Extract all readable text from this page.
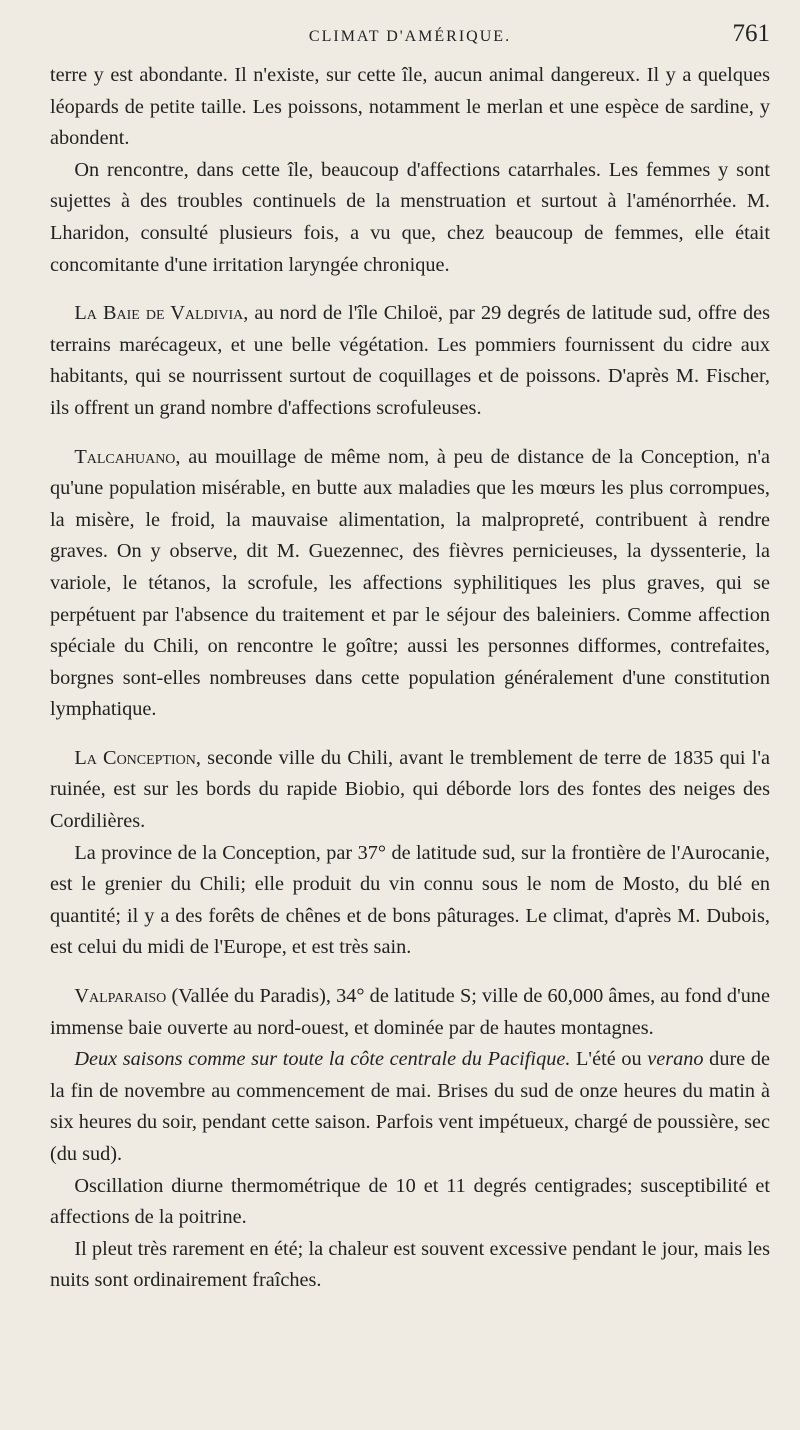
CLIMAT D'AMÉRIQUE.	761

terre y est abondante. Il n'existe, sur cette île, aucun animal dangereux. Il y a quelques léopards de petite taille. Les poissons, notamment le merlan et une espèce de sardine, y abondent.

On rencontre, dans cette île, beaucoup d'affections catarrhales. Les femmes y sont sujettes à des troubles continuels de la menstruation et surtout à l'aménorrhée. M. Lharidon, consulté plusieurs fois, a vu que, chez beaucoup de femmes, elle était concomitante d'une irritation laryngée chronique.

La Baie de Valdivia, au nord de l'île Chiloë, par 29 degrés de latitude sud, offre des terrains marécageux, et une belle végétation. Les pommiers fournissent du cidre aux habitants, qui se nourrissent surtout de coquillages et de poissons. D'après M. Fischer, ils offrent un grand nombre d'affections scrofuleuses.

Talcahuano, au mouillage de même nom, à peu de distance de la Conception, n'a qu'une population misérable, en butte aux maladies que les mœurs les plus corrompues, la misère, le froid, la mauvaise alimentation, la malpropreté, contribuent à rendre graves. On y observe, dit M. Guezennec, des fièvres pernicieuses, la dyssenterie, la variole, le tétanos, la scrofule, les affections syphilitiques les plus graves, qui se perpétuent par l'absence du traitement et par le séjour des baleiniers. Comme affection spéciale du Chili, on rencontre le goître; aussi les personnes difformes, contrefaites, borgnes sont-elles nombreuses dans cette population généralement d'une constitution lymphatique.

La Conception, seconde ville du Chili, avant le tremblement de terre de 1835 qui l'a ruinée, est sur les bords du rapide Biobio, qui déborde lors des fontes des neiges des Cordilières.

La province de la Conception, par 37° de latitude sud, sur la frontière de l'Aurocanie, est le grenier du Chili; elle produit du vin connu sous le nom de Mosto, du blé en quantité; il y a des forêts de chênes et de bons pâturages. Le climat, d'après M. Dubois, est celui du midi de l'Europe, et est très sain.

Valparaiso (Vallée du Paradis), 34° de latitude S; ville de 60,000 âmes, au fond d'une immense baie ouverte au nord-ouest, et dominée par de hautes montagnes.

Deux saisons comme sur toute la côte centrale du Pacifique. L'été ou verano dure de la fin de novembre au commencement de mai. Brises du sud de onze heures du matin à six heures du soir, pendant cette saison. Parfois vent impétueux, chargé de poussière, sec (du sud).

Oscillation diurne thermométrique de 10 et 11 degrés centigrades; susceptibilité et affections de la poitrine.

Il pleut très rarement en été; la chaleur est souvent excessive pendant le jour, mais les nuits sont ordinairement fraîches.
